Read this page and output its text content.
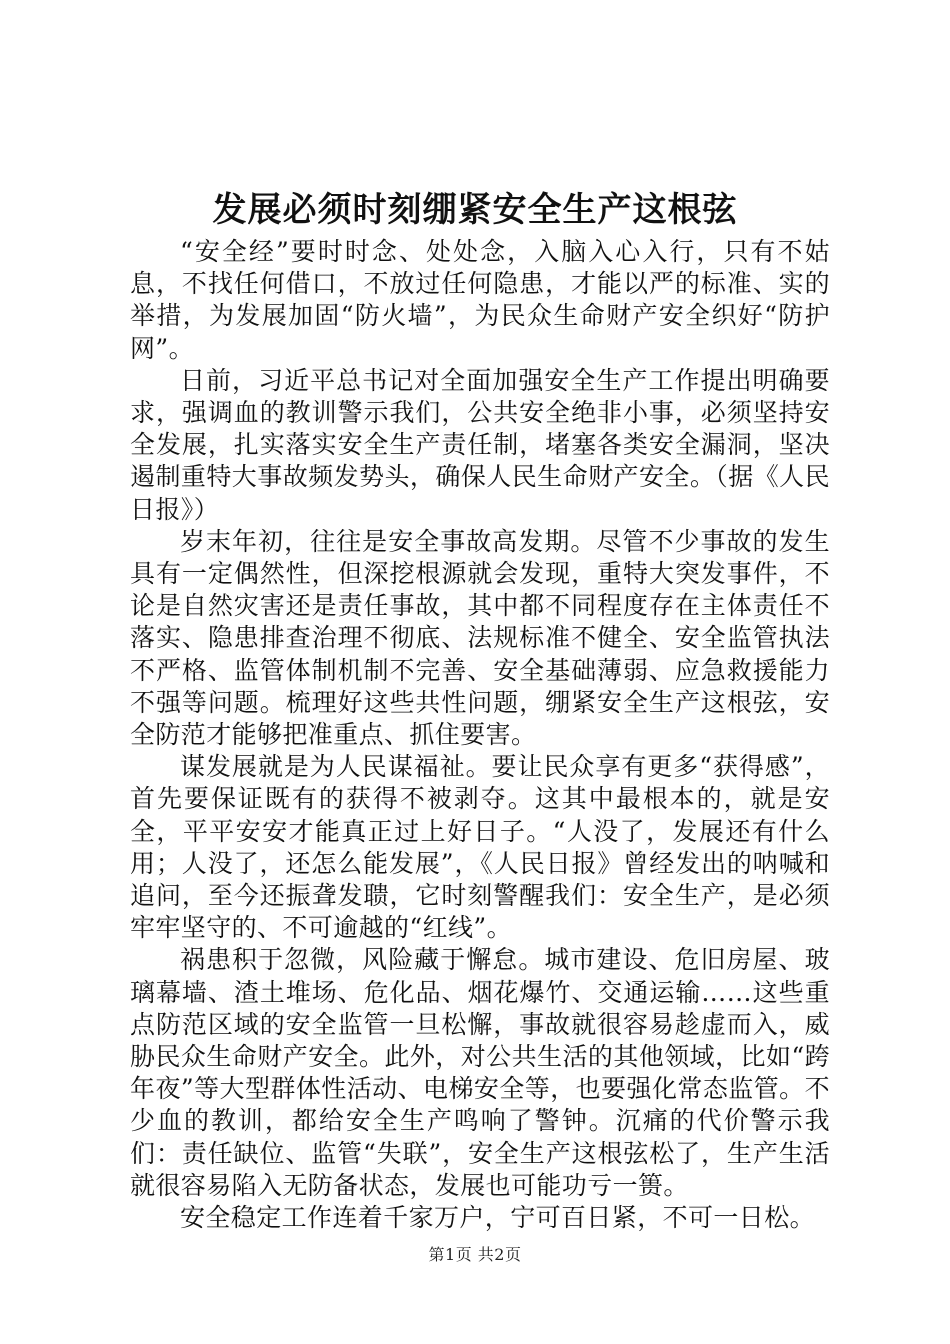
发展必须时刻绷紧安全生产这根弦

“安全经”要时时念、处处念，入脑入心入行，只有不姑息，不找任何借口，不放过任何隐患，才能以严的标准、实的举措，为发展加固“防火墙”，为民众生命财产安全织好“防护网”。

日前，习近平总书记对全面加强安全生产工作提出明确要求，强调血的教训警示我们，公共安全绝非小事，必须坚持安全发展，扎实落实安全生产责任制，堵塞各类安全漏洞，坚决遏制重特大事故频发势头，确保人民生命财产安全。（据《人民日报》）

岁末年初，往往是安全事故高发期。尽管不少事故的发生具有一定偶然性，但深挖根源就会发现，重特大突发事件，不论是自然灾害还是责任事故，其中都不同程度存在主体责任不落实、隐患排查治理不彻底、法规标准不健全、安全监管执法不严格、监管体制机制不完善、安全基础薄弱、应急救援能力不强等问题。梳理好这些共性问题，绷紧安全生产这根弦，安全防范才能够把准重点、抓住要害。

谋发展就是为人民谋福祉。要让民众享有更多“获得感”，首先要保证既有的获得不被剥夺。这其中最根本的，就是安全，平平安安才能真正过上好日子。“人没了，发展还有什么用；人没了，还怎么能发展”，《人民日报》曾经发出的呐喊和追问，至今还振聋发聩，它时刻警醒我们：安全生产，是必须牢牢坚守的、不可逾越的“红线”。

祸患积于忽微，风险藏于懈怠。城市建设、危旧房屋、玻璃幕墙、渣土堆场、危化品、烟花爆竹、交通运输……这些重点防范区域的安全监管一旦松懈，事故就很容易趁虚而入，威胁民众生命财产安全。此外，对公共生活的其他领域，比如“跨年夜”等大型群体性活动、电梯安全等，也要强化常态监管。不少血的教训，都给安全生产鸣响了警钟。沉痛的代价警示我们：责任缺位、监管“失联”，安全生产这根弦松了，生产生活就很容易陷入无防备状态，发展也可能功亏一篑。

安全稳定工作连着千家万户，宁可百日紧，不可一日松。

第1页 共2页
